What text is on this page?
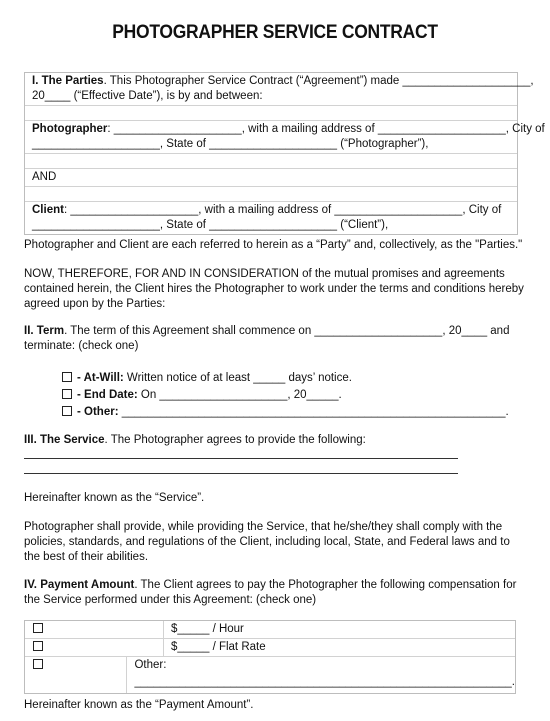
PHOTOGRAPHER SERVICE CONTRACT
I. The Parties. This Photographer Service Contract (“Agreement”) made ____________________,
20____ (“Effective Date”), is by and between:
Photographer: ____________________, with a mailing address of ____________________, City of
____________________, State of ____________________ (“Photographer”),
AND
Client: ____________________, with a mailing address of ____________________, City of
____________________, State of ____________________ (“Client”),
Photographer and Client are each referred to herein as a “Party” and, collectively, as the "Parties."
NOW, THEREFORE, FOR AND IN CONSIDERATION of the mutual promises and agreements contained herein, the Client hires the Photographer to work under the terms and conditions hereby agreed upon by the Parties:
II. Term. The term of this Agreement shall commence on ____________________, 20____ and terminate: (check one)
- At-Will: Written notice of at least _____ days’ notice.
- End Date: On ____________________, 20_____.
- Other: ____________________________________________________________.
III. The Service. The Photographer agrees to provide the following:
Hereinafter known as the “Service”.
Photographer shall provide, while providing the Service, that he/she/they shall comply with the policies, standards, and regulations of the Client, including local, State, and Federal laws and to the best of their abilities.
IV. Payment Amount. The Client agrees to pay the Photographer the following compensation for the Service performed under this Agreement: (check one)
$_____ / Hour
$_____ / Flat Rate
Other:
___________________________________________________________.
Hereinafter known as the “Payment Amount”.
